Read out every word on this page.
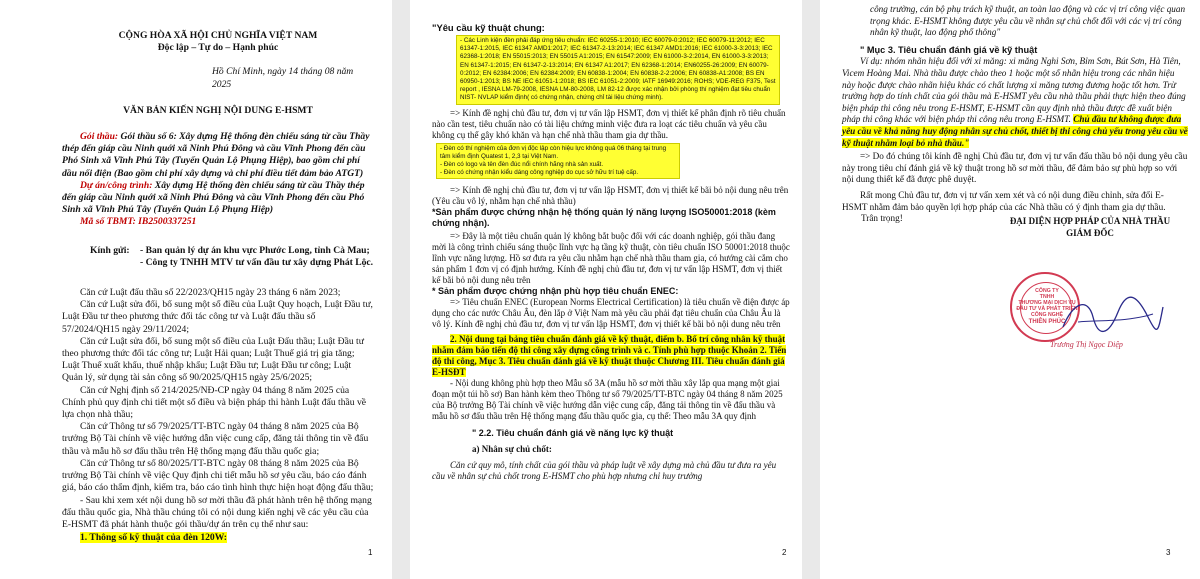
CỘNG HÒA XÃ HỘI CHỦ NGHĨA VIỆT NAM

Độc lập – Tự do – Hạnh phúc

Hồ Chí Minh, ngày 14 tháng 08 năm 2025

VĂN BẢN KIẾN NGHỊ NỘI DUNG E-HSMT

Gói thầu: Gói thầu số 6: Xây dựng Hệ thống đèn chiếu sáng từ cầu Thầy thép đến giáp cầu Ninh quới xã Ninh Phú Đông và cầu Vĩnh Phong đến cầu Phó Sinh xã Vĩnh Phú Tây (Tuyến Quản Lộ Phụng Hiệp), bao gồm chi phí dầu nối điện (Bao gồm chi phí xây dựng và chi phí điều tiết đảm bảo ATGT)

Dự án/công trình: Xây dựng Hệ thống đèn chiếu sáng từ cầu Thầy thép đến giáp cầu Ninh quới xã Ninh Phú Đông và cầu Vĩnh Phong đến cầu Phó Sinh xã Vĩnh Phú Tây (Tuyến Quản Lộ Phụng Hiệp)

Mã số TBMT: IB2500337251

Kính gửi:	- Ban quản lý dự án khu vực Phước Long, tỉnh Cà Mau;

- Công ty TNHH MTV tư vấn đầu tư xây dựng Phát Lộc.

Căn cứ Luật đấu thầu số 22/2023/QH15 ngày 23 tháng 6 năm 2023;

Căn cứ Luật sửa đổi, bổ sung một số điều của Luật Quy hoạch, Luật Đầu tư, Luật Đầu tư theo phương thức đối tác công tư và Luật đấu thầu số 57/2024/QH15 ngày 29/11/2024;

Căn cứ Luật sửa đổi, bổ sung một số điều của Luật Đấu thầu; Luật Đầu tư theo phương thức đối tác công tư; Luật Hải quan; Luật Thuế giá trị gia tăng; Luật Thuế xuất khẩu, thuế nhập khẩu; Luật Đầu tư; Luật Đầu tư công; Luật Quản lý, sử dụng tài sản công số 90/2025/QH15 ngày 25/6/2025;

Căn cứ Nghị định số 214/2025/NĐ-CP ngày 04 tháng 8 năm 2025 của Chính phủ quy định chi tiết một số điều và biện pháp thi hành Luật đấu thầu về lựa chọn nhà thầu;

Căn cứ Thông tư số 79/2025/TT-BTC ngày 04 tháng 8 năm 2025 của Bộ trưởng Bộ Tài chính về việc hướng dẫn việc cung cấp, đăng tải thông tin về đấu thầu và mẫu hồ sơ đấu thầu trên Hệ thống mạng đấu thầu quốc gia;

Căn cứ Thông tư số 80/2025/TT-BTC ngày 08 tháng 8 năm 2025 của Bộ trưởng Bộ Tài chính về việc Quy định chi tiết mẫu hồ sơ yêu cầu, báo cáo đánh giá, báo cáo thẩm định, kiểm tra, báo cáo tình hình thực hiện hoạt động đấu thầu;

- Sau khi xem xét nội dung hồ sơ mời thầu đã phát hành trên hệ thống mạng đấu thầu quốc gia, Nhà thầu chúng tôi có nội dung kiến nghị về các yêu cầu của E-HSMT đã phát hành thuộc gói thầu/dự án trên cụ thể như sau:

1. Thông số kỹ thuật của đèn 120W:

1

"Yêu cầu kỹ thuật chung:

- Các Linh kiện đèn phải đáp ứng tiêu chuẩn: IEC 60255-1:2010; IEC 60079-0:2012; IEC 60079-11:2012; IEC 61347-1:2015, IEC 61347 AMD1:2017; IEC 61347-2-13:2014; IEC 61347 AMD1:2016; IEC 61000-3-3:2013; IEC 62368-1:2018; EN 55015:2013; EN 55015 A1:2015; EN 61547:2009; EN 61000-3-2:2014, EN 61000-3-3:2013; EN 61347-1:2015; EN 61347-2-13:2014; EN 61347 A1:2017; EN 62368-1:2014; EN60255-26:2009; EN 60079-0:2012; EN 62384:2006; EN 62384:2009; EN 60838-1:2004; EN 60838-2-2:2006; EN 60838-A1:2008; BS EN 60950-1:2013; BS NE IEC 61051-1:2018; BS IEC 61051-2:2009; IATF 16949:2016; ROHS; VDE-REG F375, Test report , IESNA LM-79-2008, IESNA LM-80-2008, LM 82-12 được xác nhận bởi phòng thí nghiệm đạt tiêu chuẩn NIST- NVLAP kiểm định( có chứng nhận, chứng chỉ tài liệu chứng minh).

=> Kính đề nghị chủ đầu tư, đơn vị tư vấn lập HSMT, đơn vị thiết kế phân định rõ tiêu chuẩn nào cần test, tiêu chuẩn nào có tài liệu chứng minh việc đưa ra loạt các tiêu chuẩn và yêu cầu không cụ thể gây khó khăn và hạn chế nhà thầu tham gia dự thầu.

- Đèn có thí nghiệm của đơn vị độc lập còn hiệu lực không quá 06 tháng tại trung tâm kiểm định Quatest 1, 2,3 tại Việt Nam.

- Đèn có logo và tên đèn đúc nổi chính hãng nhà sản xuất.

- Đèn có chứng nhận kiểu dáng công nghiệp do cục sở hữu trí tuệ cấp.

=> Kính đề nghị chủ đầu tư, đơn vị tư vấn lập HSMT, đơn vị thiết kế bãi bỏ nội dung nêu trên (Yêu cầu vô lý, nhằm hạn chế nhà thầu)

*Sản phẩm được chứng nhận hệ thống quản lý năng lượng ISO50001:2018 (kèm chứng nhận).

=> Đây là một tiêu chuẩn quản lý không bắt buộc đối với các doanh nghiệp, gói thầu đang mời là công trình chiếu sáng thuộc lĩnh vực hạ tầng kỹ thuật, còn tiêu chuẩn ISO 50001:2018 thuộc lĩnh vực năng lượng. Hồ sơ đưa ra yêu cầu nhằm hạn chế nhà thầu tham gia, có hướng cài cắm cho sản phẩm 1 đơn vị có định hướng. Kính đề nghị chủ đầu tư, đơn vị tư vấn lập HSMT, đơn vị thiết kế bãi bỏ nội dung nêu trên

* Sản phẩm được chứng nhận phù hợp tiêu chuẩn ENEC:

=> Tiêu chuẩn ENEC (European Norms Electrical Certification) là tiêu chuẩn về điện được áp dụng cho các nước Châu Âu, đèn lắp ở Việt Nam mà yêu cầu phải đạt tiêu chuẩn của Châu Âu là vô lý. Kính đề nghị chủ đầu tư, đơn vị tư vấn lập HSMT, đơn vị thiết kế bãi bỏ nội dung nêu trên

2. Nội dung tại bảng tiêu chuẩn đánh giá về kỹ thuật, điểm b. Bổ trí công nhân kỹ thuật nhằm đảm bảo tiến độ thi công xây dựng công trình và c. Tính phù hợp thuộc Khoản 2. Tiến độ thi công, Mục 3. Tiêu chuẩn đánh giá về kỹ thuật thuộc Chương III. Tiêu chuẩn đánh giá E-HSĐT

- Nội dung không phù hợp theo Mẫu số 3A (mẫu hồ sơ mời thầu xây lắp qua mạng một giai đoạn một túi hồ sơ) Ban hành kèm theo Thông tư số 79/2025/TT-BTC ngày 04 tháng 8 năm 2025 của Bộ trưởng Bộ Tài chính về việc hướng dẫn việc cung cấp, đăng tải thông tin về đấu thầu và mẫu hồ sơ đấu thầu trên Hệ thống mạng đấu thầu quốc gia, cụ thể: Theo mẫu 3A quy định

" 2.2. Tiêu chuẩn đánh giá về năng lực kỹ thuật

a) Nhân sự chủ chốt:

Căn cứ quy mô, tính chất của gói thầu và pháp luật về xây dựng mà chủ đầu tư đưa ra yêu cầu về nhân sự chủ chốt trong E-HSMT cho phù hợp nhưng chỉ huy trưởng

2

công trường, cán bộ phụ trách kỹ thuật, an toàn lao động và các vị trí công việc quan trọng khác. E-HSMT không được yêu cầu về nhân sự chủ chốt đối với các vị trí công nhân kỹ thuật, lao động phổ thông"

" Mục 3. Tiêu chuẩn đánh giá về kỹ thuật

Ví dụ: nhóm nhãn hiệu đối với xi măng: xi măng Nghi Sơn, Bỉm Sơn, Bút Sơn, Hà Tiên, Vicem Hoàng Mai. Nhà thầu được chào theo 1 hoặc một số nhãn hiệu trong các nhãn hiệu này hoặc được chào nhãn hiệu khác có chất lượng xi măng tương đương hoặc tốt hơn. Trừ trường hợp do tính chất của gói thầu mà E-HSMT yêu cầu nhà thầu phải thực hiện theo đúng biện pháp thi công nêu trong E-HSMT, E-HSMT cần quy định nhà thầu được đề xuất biện pháp thi công khác với biện pháp thi công nêu trong E-HSMT. Chủ đầu tư không được đưa yêu cầu về khả năng huy động nhân sự chủ chốt, thiết bị thi công chủ yếu trong yêu cầu về kỹ thuật nhằm loại bỏ nhà thầu."

=> Do đó chúng tôi kính đề nghị Chủ đầu tư, đơn vị tư vấn đấu thầu bỏ nội dung yêu cầu này trong tiêu chí đánh giá về kỹ thuật trong hồ sơ mời thầu, để đảm bảo sự phù hợp so với nội dung thiết kế đã được phê duyệt.

Rất mong Chủ đầu tư, đơn vị tư vấn xem xét và có nội dung điều chỉnh, sửa đổi E-HSMT nhằm đảm bảo quyền lợi hợp pháp của các Nhà thầu có ý định tham gia dự thầu.

Trân trọng!	ĐẠI DIỆN HỢP PHÁP CỦA NHÀ THẦU

GIÁM ĐỐC

CÔNG TY
TNHH
THƯƠNG MẠI DỊCH VỤ
ĐẦU TƯ VÀ PHÁT TRIỂN
CÔNG NGHỆ
THIÊN PHÚC
Trương Thị Ngọc Diệp
3
